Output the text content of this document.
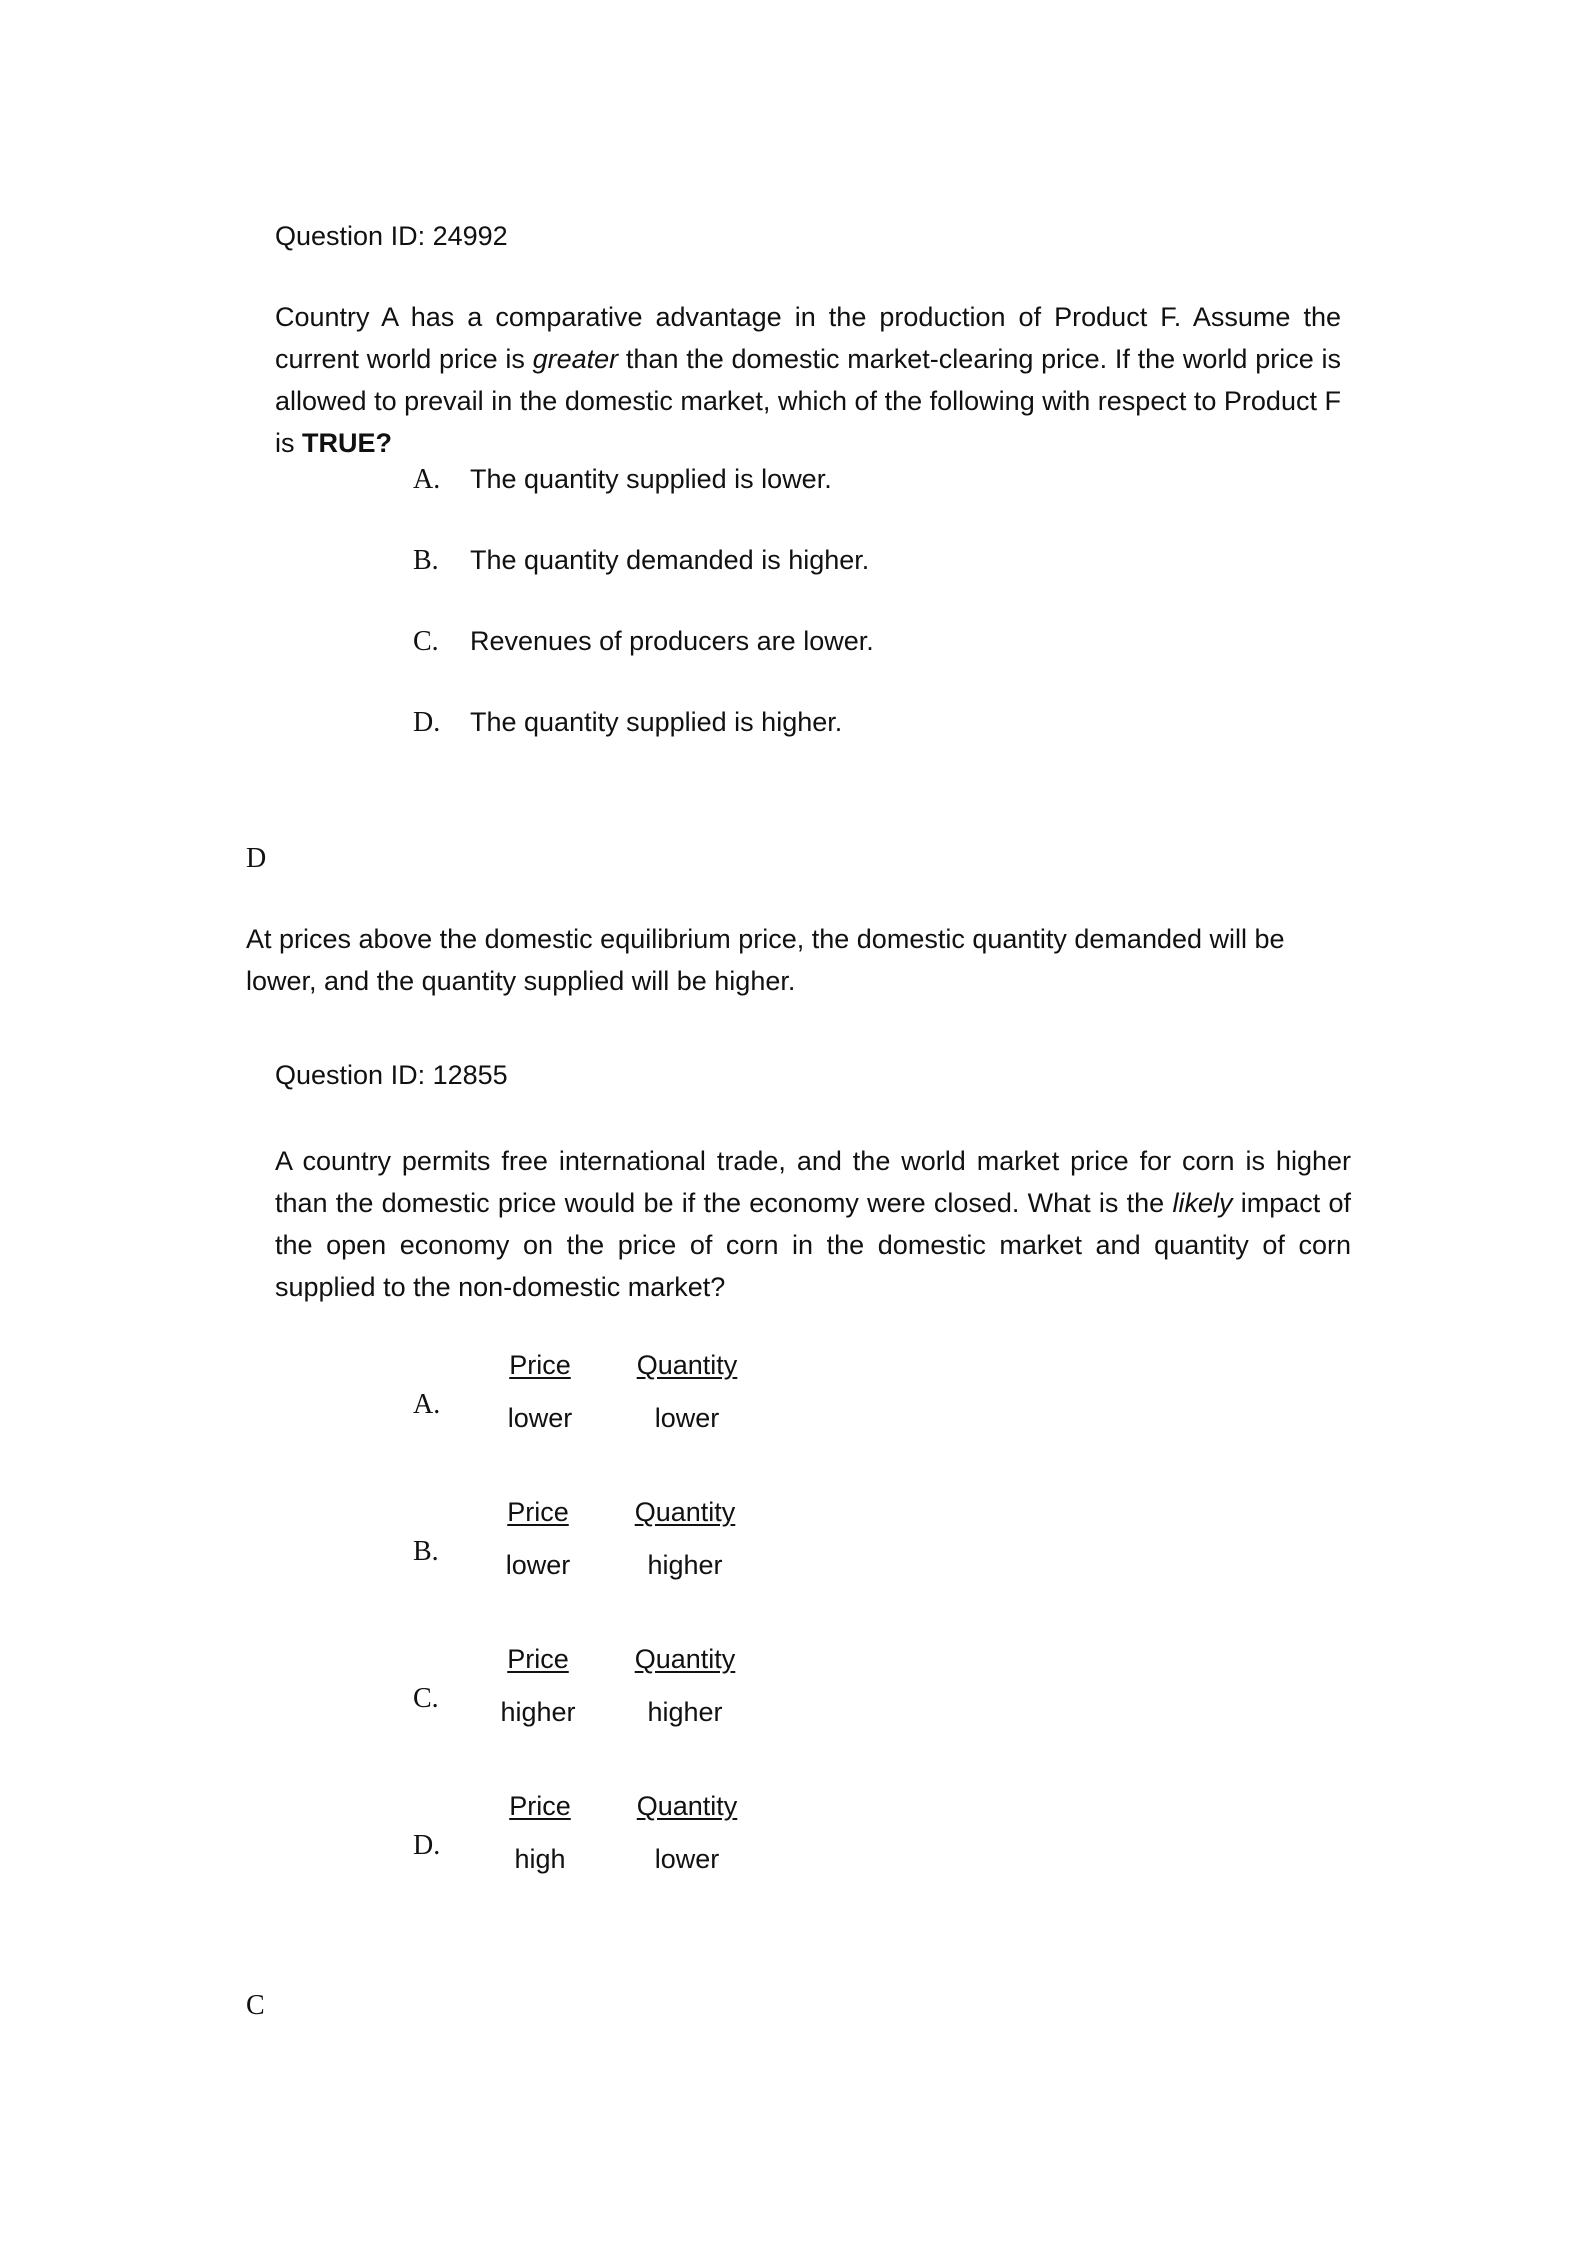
Question ID: 24992
Country A has a comparative advantage in the production of Product F. Assume the current world price is greater than the domestic market-clearing price. If the world price is allowed to prevail in the domestic market, which of the following with respect to Product F is TRUE?
A. The quantity supplied is lower.
B. The quantity demanded is higher.
C. Revenues of producers are lower.
D. The quantity supplied is higher.
D
At prices above the domestic equilibrium price, the domestic quantity demanded will be lower, and the quantity supplied will be higher.
Question ID: 12855
A country permits free international trade, and the world market price for corn is higher than the domestic price would be if the economy were closed. What is the likely impact of the open economy on the price of corn in the domestic market and quantity of corn supplied to the non-domestic market?
A.
Price	Quantity
lower	lower
B.
Price	Quantity
lower	higher
C.
Price	Quantity
higher	higher
D.
Price	Quantity
high	lower
C
